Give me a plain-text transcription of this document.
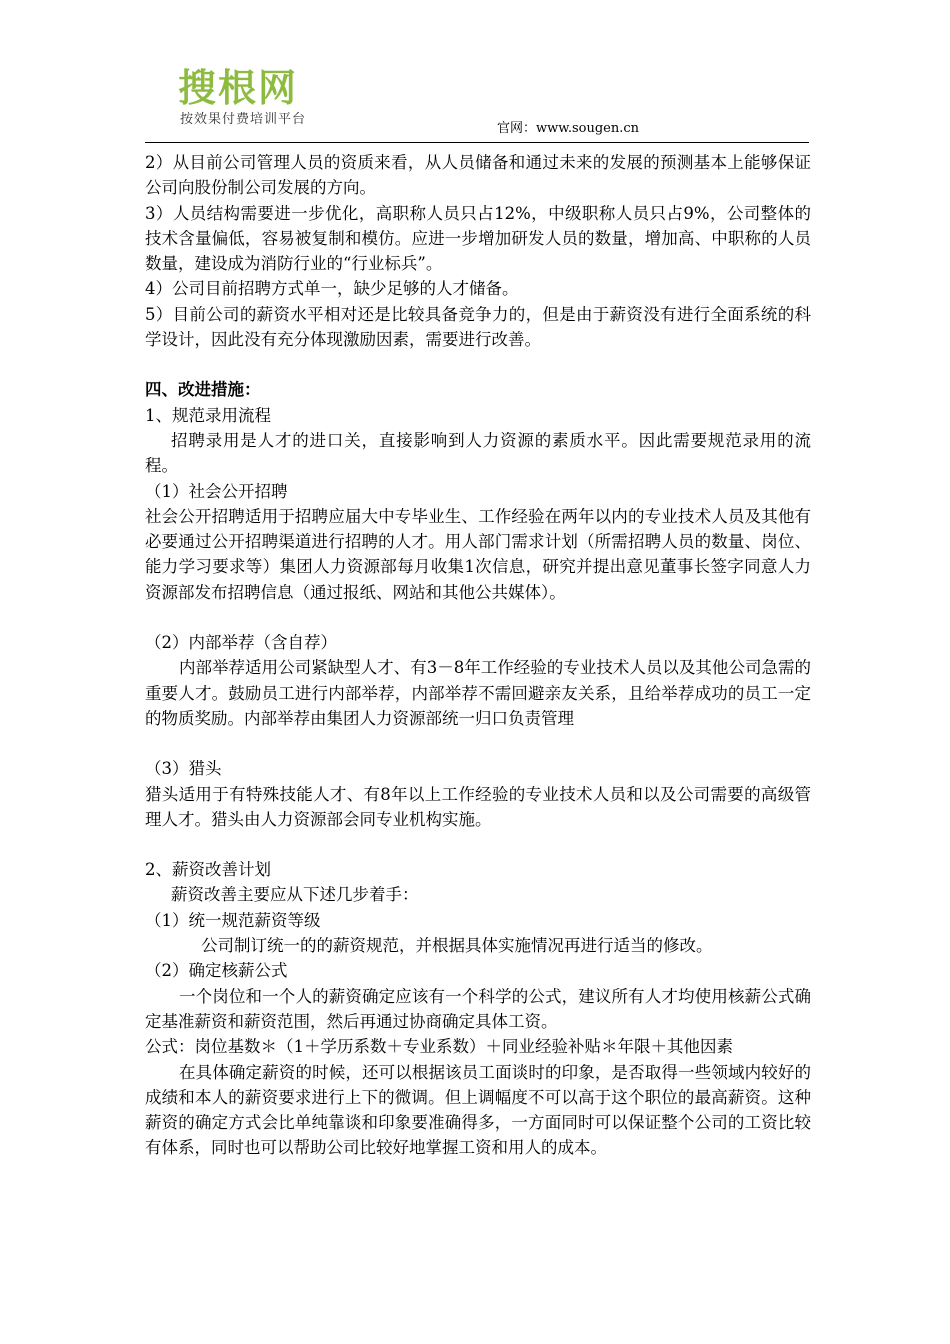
搜根网
按效果付费培训平台
官网：www.sougen.cn

2）从目前公司管理人员的资质来看，从人员储备和通过未来的发展的预测基本上能够保证公司向股份制公司发展的方向。

3）人员结构需要进一步优化，高职称人员只占12%，中级职称人员只占9%，公司整体的技术含量偏低，容易被复制和模仿。应进一步增加研发人员的数量，增加高、中职称的人员数量，建设成为消防行业的“行业标兵”。

4）公司目前招聘方式单一，缺少足够的人才储备。

5）目前公司的薪资水平相对还是比较具备竞争力的，但是由于薪资没有进行全面系统的科学设计，因此没有充分体现激励因素，需要进行改善。

四、改进措施：

1、规范录用流程

招聘录用是人才的进口关，直接影响到人力资源的素质水平。因此需要规范录用的流程。

（1）社会公开招聘

社会公开招聘适用于招聘应届大中专毕业生、工作经验在两年以内的专业技术人员及其他有必要通过公开招聘渠道进行招聘的人才。用人部门需求计划（所需招聘人员的数量、岗位、能力学习要求等）集团人力资源部每月收集1次信息，研究并提出意见董事长签字同意人力资源部发布招聘信息（通过报纸、网站和其他公共媒体）。

（2）内部举荐（含自荐）

内部举荐适用公司紧缺型人才、有3－8年工作经验的专业技术人员以及其他公司急需的重要人才。鼓励员工进行内部举荐，内部举荐不需回避亲友关系，且给举荐成功的员工一定的物质奖励。内部举荐由集团人力资源部统一归口负责管理

（3）猎头

猎头适用于有特殊技能人才、有8年以上工作经验的专业技术人员和以及公司需要的高级管理人才。猎头由人力资源部会同专业机构实施。

2、薪资改善计划

薪资改善主要应从下述几步着手：

（1）统一规范薪资等级

公司制订统一的的薪资规范，并根据具体实施情况再进行适当的修改。

（2）确定核薪公式

一个岗位和一个人的薪资确定应该有一个科学的公式，建议所有人才均使用核薪公式确定基准薪资和薪资范围，然后再通过协商确定具体工资。

公式：岗位基数＊（1＋学历系数＋专业系数）＋同业经验补贴＊年限＋其他因素

在具体确定薪资的时候，还可以根据该员工面谈时的印象，是否取得一些领域内较好的成绩和本人的薪资要求进行上下的微调。但上调幅度不可以高于这个职位的最高薪资。这种薪资的确定方式会比单纯靠谈和印象要准确得多，一方面同时可以保证整个公司的工资比较有体系，同时也可以帮助公司比较好地掌握工资和用人的成本。
